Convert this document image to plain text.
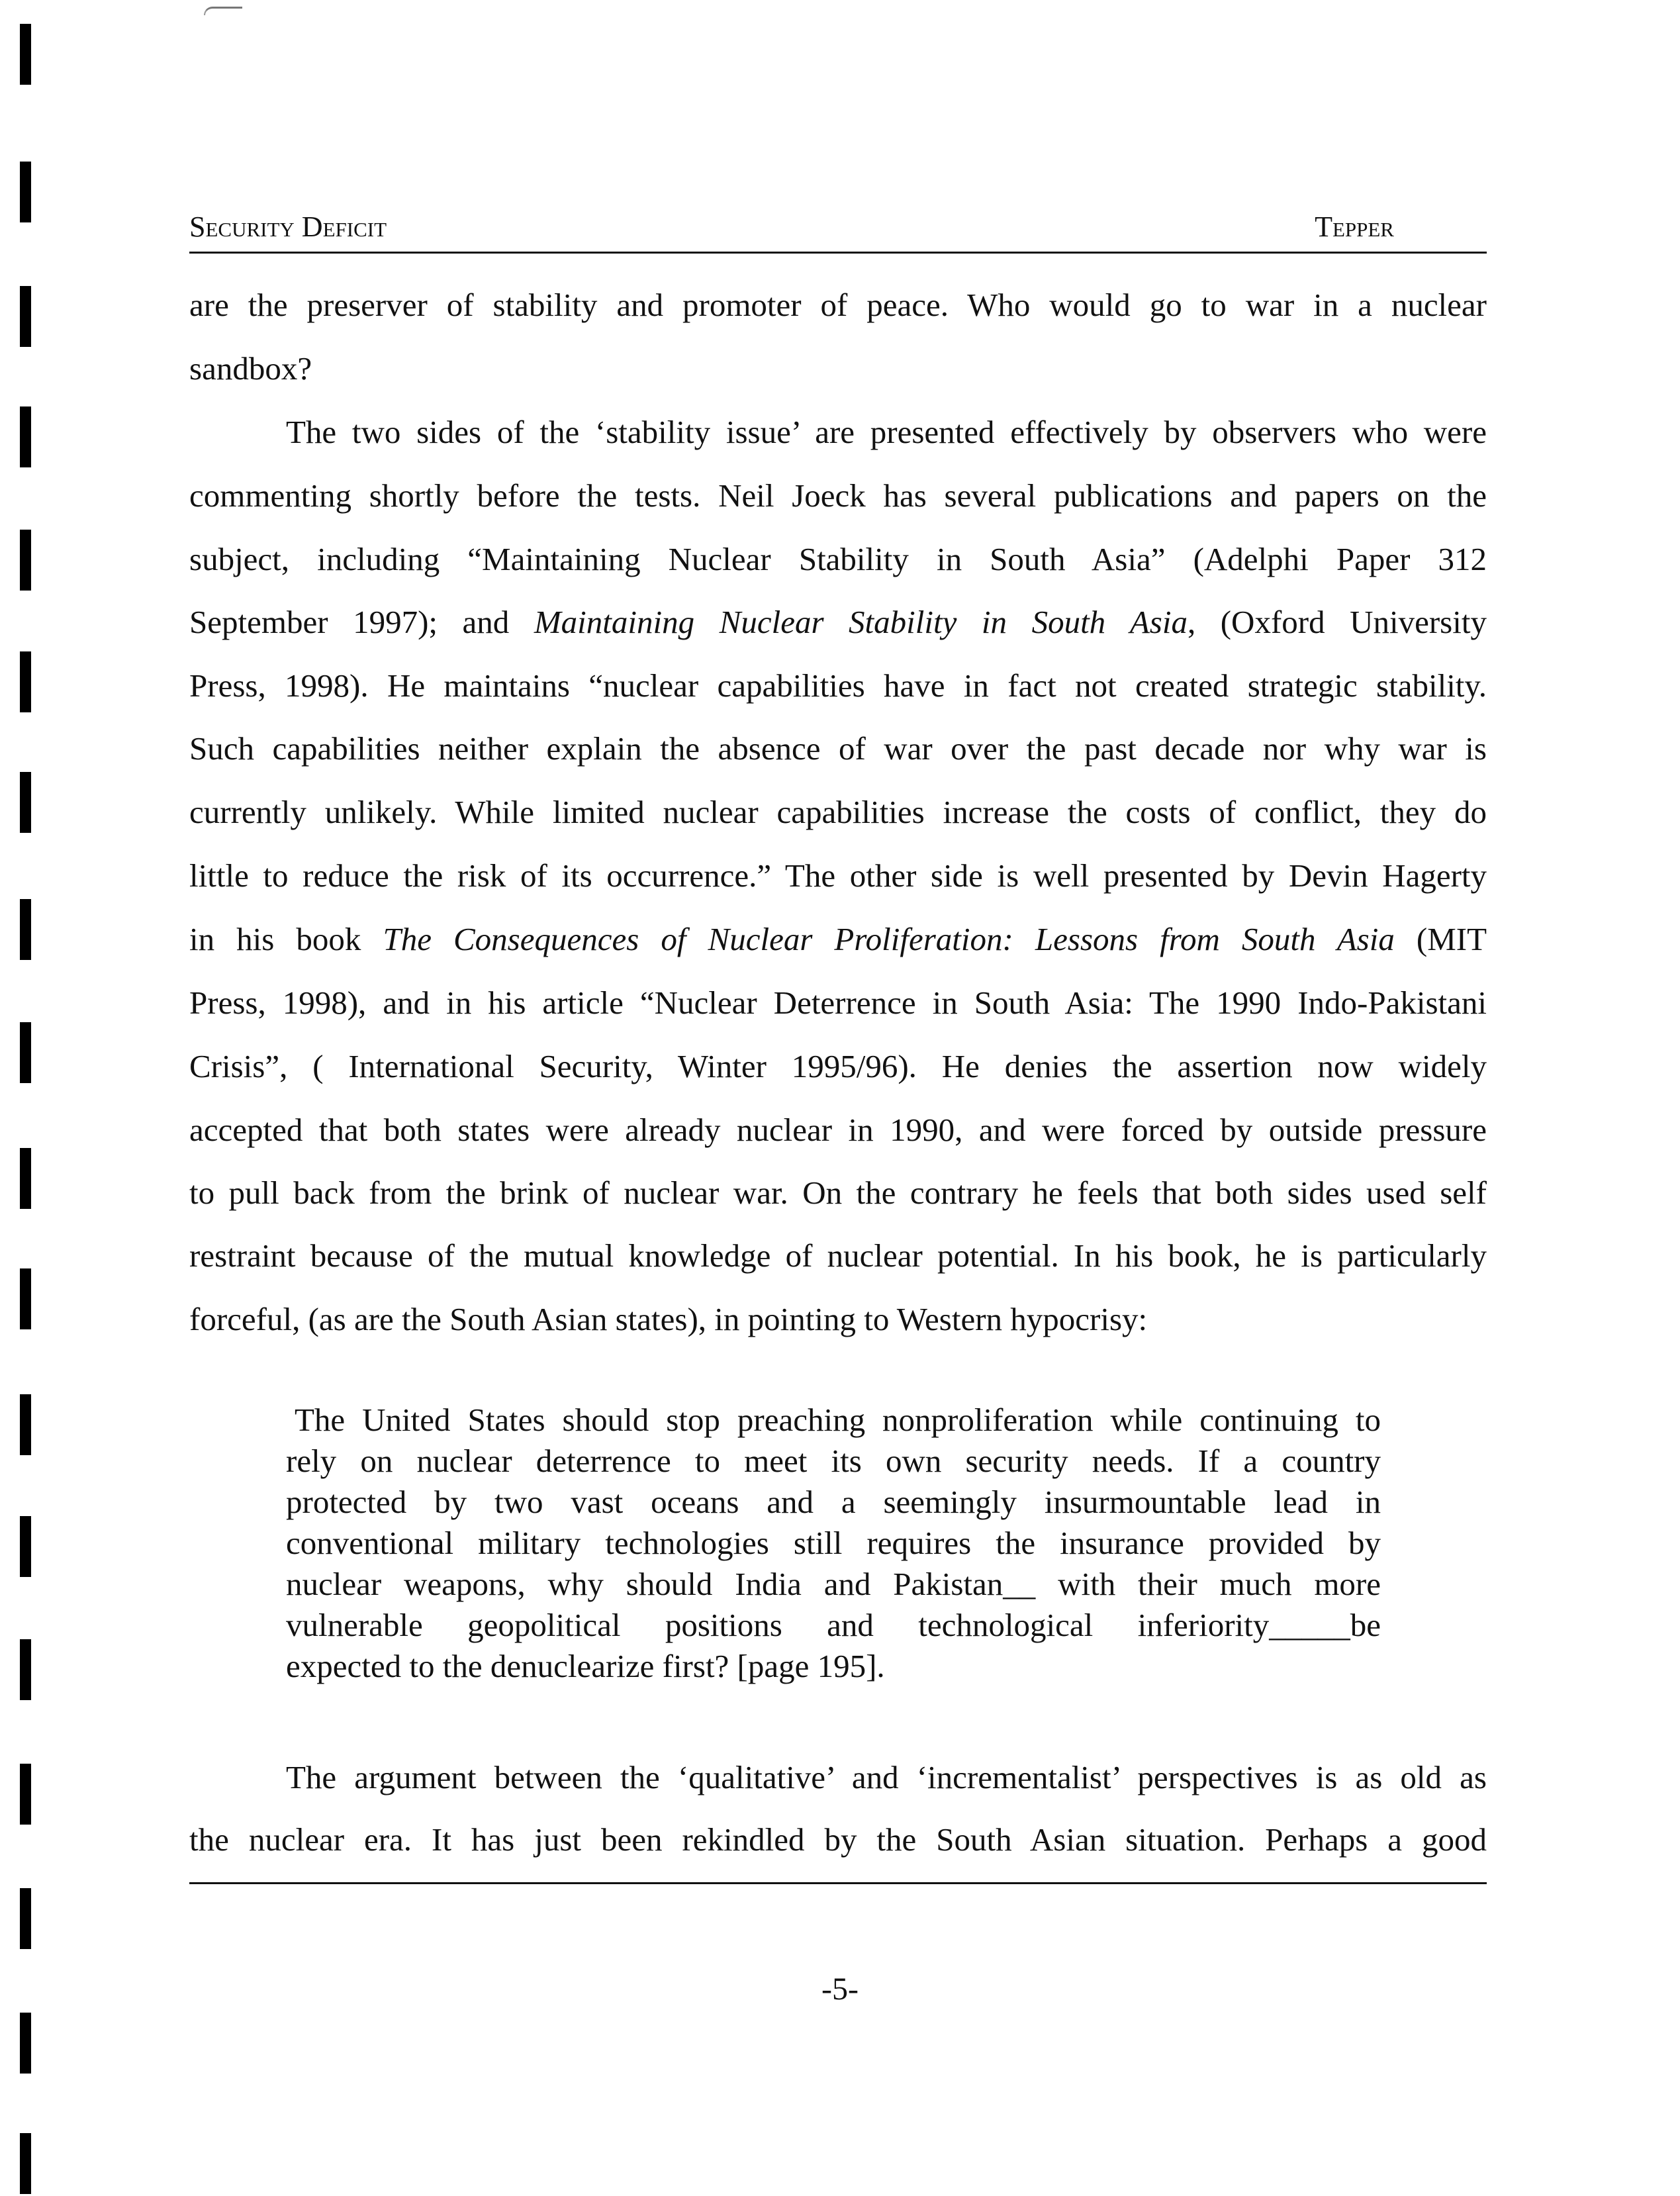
Security Deficit	Tepper

are the preserver of stability and promoter of peace. Who would go to war in a nuclear

sandbox?

The two sides of the ‘stability issue’ are presented effectively by observers who were

commenting shortly before the tests. Neil Joeck has several publications and papers on the

subject, including “Maintaining Nuclear Stability in South Asia” (Adelphi Paper 312

September 1997); and Maintaining Nuclear Stability in South Asia, (Oxford University

Press, 1998). He maintains “nuclear capabilities have in fact not created strategic stability.

Such capabilities neither explain the absence of war over the past decade nor why war is

currently unlikely. While limited nuclear capabilities increase the costs of conflict, they do

little to reduce the risk of its occurrence.” The other side is well presented by Devin Hagerty

in his book The Consequences of Nuclear Proliferation: Lessons from South Asia (MIT

Press, 1998), and in his article “Nuclear Deterrence in South Asia: The 1990 Indo-Pakistani

Crisis”, ( International Security, Winter 1995/96). He denies the assertion now widely

accepted that both states were already nuclear in 1990, and were forced by outside pressure

to pull back from the brink of nuclear war. On the contrary he feels that both sides used self

restraint because of the mutual knowledge of nuclear potential. In his book, he is particularly

forceful, (as are the South Asian states), in pointing to Western hypocrisy:

The United States should stop preaching nonproliferation while continuing to

rely on nuclear deterrence to meet its own security needs. If a country

protected by two vast oceans and a seemingly insurmountable lead in

conventional military technologies still requires the insurance provided by

nuclear weapons, why should India and Pakistan__ with their much more

vulnerable geopolitical positions and technological inferiority_____be

expected to the denuclearize first? [page 195].

The argument between the ‘qualitative’ and ‘incrementalist’ perspectives is as old as

the nuclear era. It has just been rekindled by the South Asian situation. Perhaps a good

-5-
